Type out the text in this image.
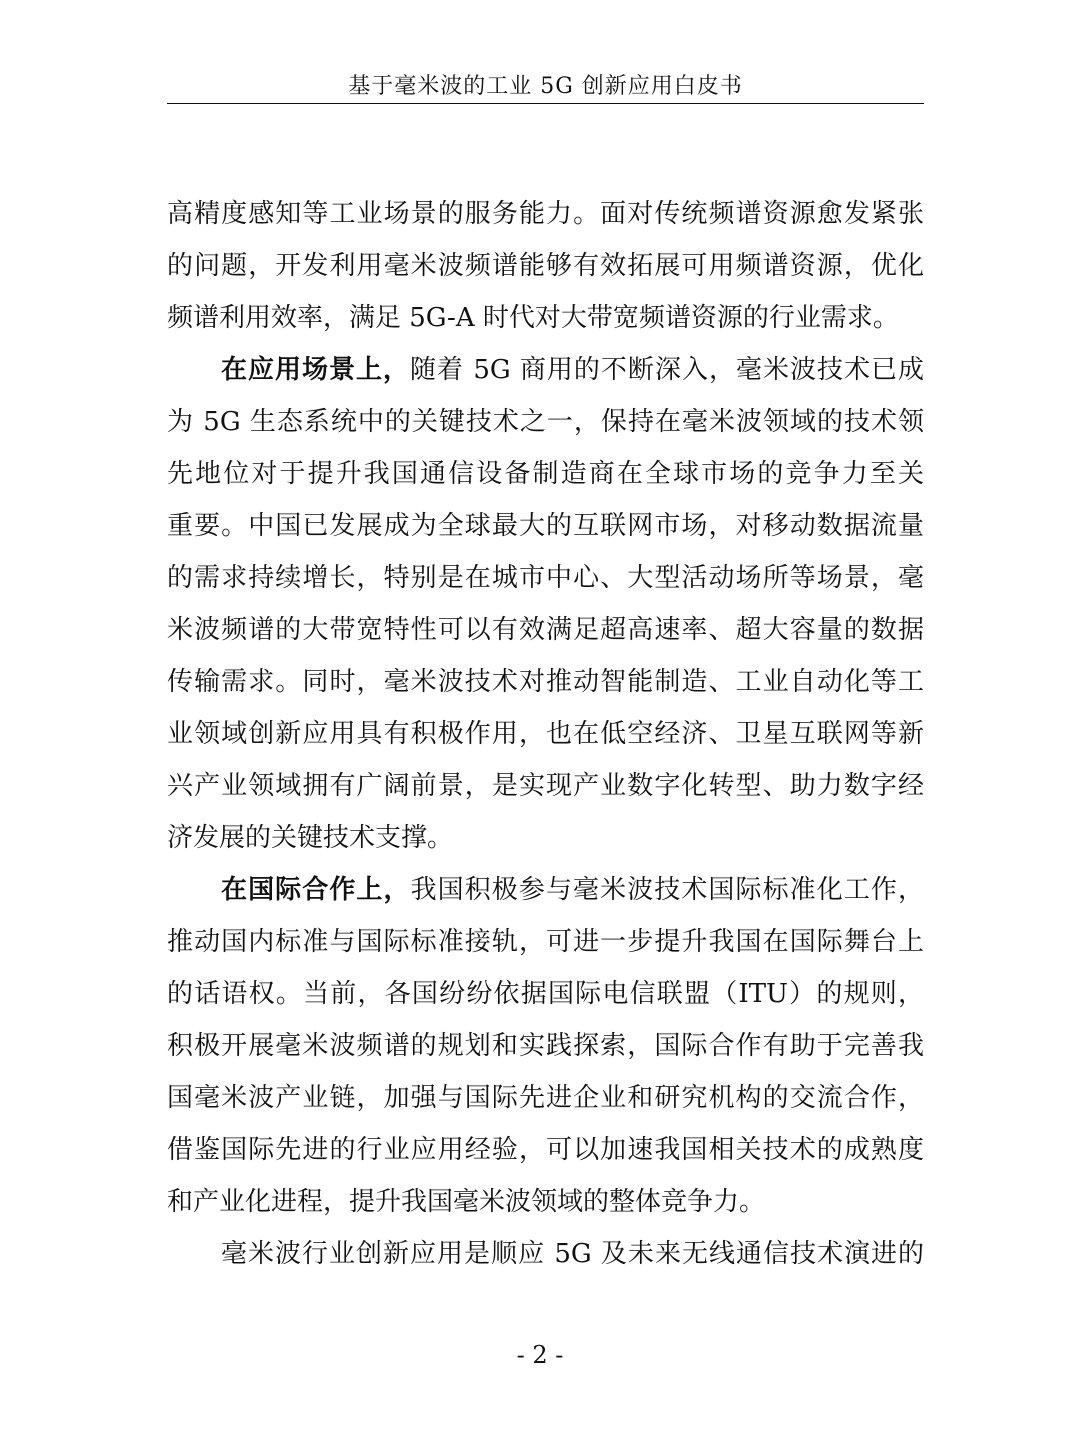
基于毫米波的工业 5G 创新应用白皮书
高精度感知等工业场景的服务能力。面对传统频谱资源愈发紧张
的问题，开发利用毫米波频谱能够有效拓展可用频谱资源，优化
频谱利用效率，满足 5G-A 时代对大带宽频谱资源的行业需求。
在应用场景上，随着 5G 商用的不断深入，毫米波技术已成
为 5G 生态系统中的关键技术之一，保持在毫米波领域的技术领
先地位对于提升我国通信设备制造商在全球市场的竞争力至关
重要。中国已发展成为全球最大的互联网市场，对移动数据流量
的需求持续增长，特别是在城市中心、大型活动场所等场景，毫
米波频谱的大带宽特性可以有效满足超高速率、超大容量的数据
传输需求。同时，毫米波技术对推动智能制造、工业自动化等工
业领域创新应用具有积极作用，也在低空经济、卫星互联网等新
兴产业领域拥有广阔前景，是实现产业数字化转型、助力数字经
济发展的关键技术支撑。
在国际合作上，我国积极参与毫米波技术国际标准化工作，
推动国内标准与国际标准接轨，可进一步提升我国在国际舞台上
的话语权。当前，各国纷纷依据国际电信联盟（ITU）的规则，
积极开展毫米波频谱的规划和实践探索，国际合作有助于完善我
国毫米波产业链，加强与国际先进企业和研究机构的交流合作，
借鉴国际先进的行业应用经验，可以加速我国相关技术的成熟度
和产业化进程，提升我国毫米波领域的整体竞争力。
毫米波行业创新应用是顺应 5G 及未来无线通信技术演进的
- 2 -
